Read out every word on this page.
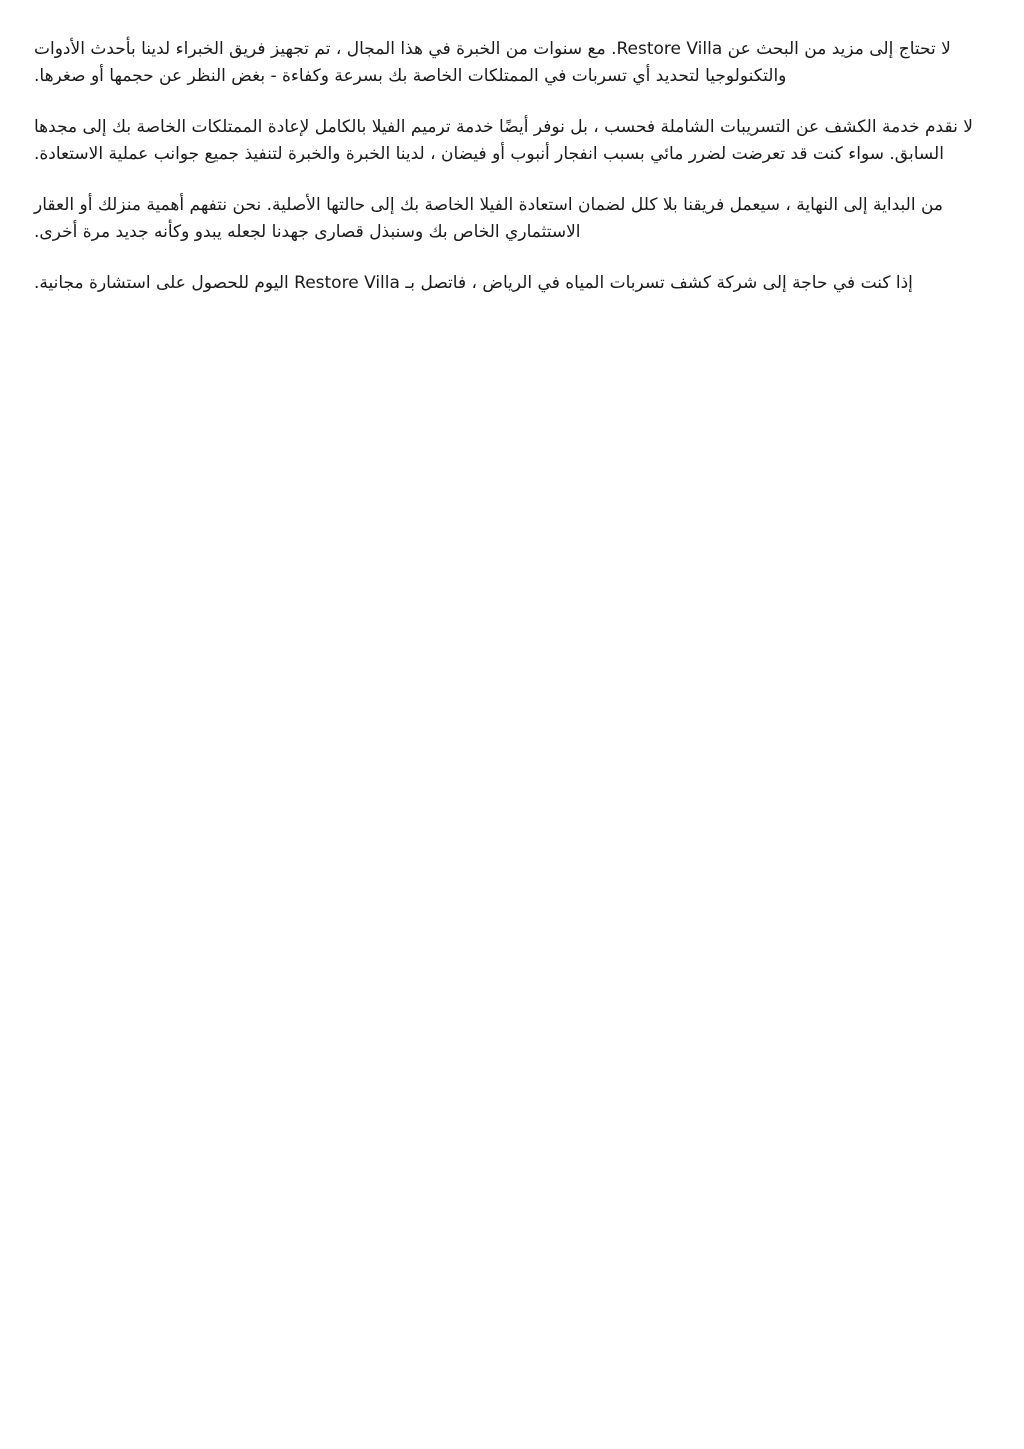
لا تحتاج إلى مزيد من البحث عن Restore Villa. مع سنوات من الخبرة في هذا المجال ، تم تجهيز فريق الخبراء لدينا بأحدث الأدوات والتكنولوجيا لتحديد أي تسربات في الممتلكات الخاصة بك بسرعة وكفاءة - بغض النظر عن حجمها أو صغرها.

لا نقدم خدمة الكشف عن التسريبات الشاملة فحسب ، بل نوفر أيضًا خدمة ترميم الفيلا بالكامل لإعادة الممتلكات الخاصة بك إلى مجدها السابق. سواء كنت قد تعرضت لضرر مائي بسبب انفجار أنبوب أو فيضان ، لدينا الخبرة والخبرة لتنفيذ جميع جوانب عملية الاستعادة.

من البداية إلى النهاية ، سيعمل فريقنا بلا كلل لضمان استعادة الفيلا الخاصة بك إلى حالتها الأصلية. نحن نتفهم أهمية منزلك أو العقار الاستثماري الخاص بك وسنبذل قصارى جهدنا لجعله يبدو وكأنه جديد مرة أخرى.

إذا كنت في حاجة إلى شركة كشف تسربات المياه في الرياض ، فاتصل بـ Restore Villa اليوم للحصول على استشارة مجانية.
